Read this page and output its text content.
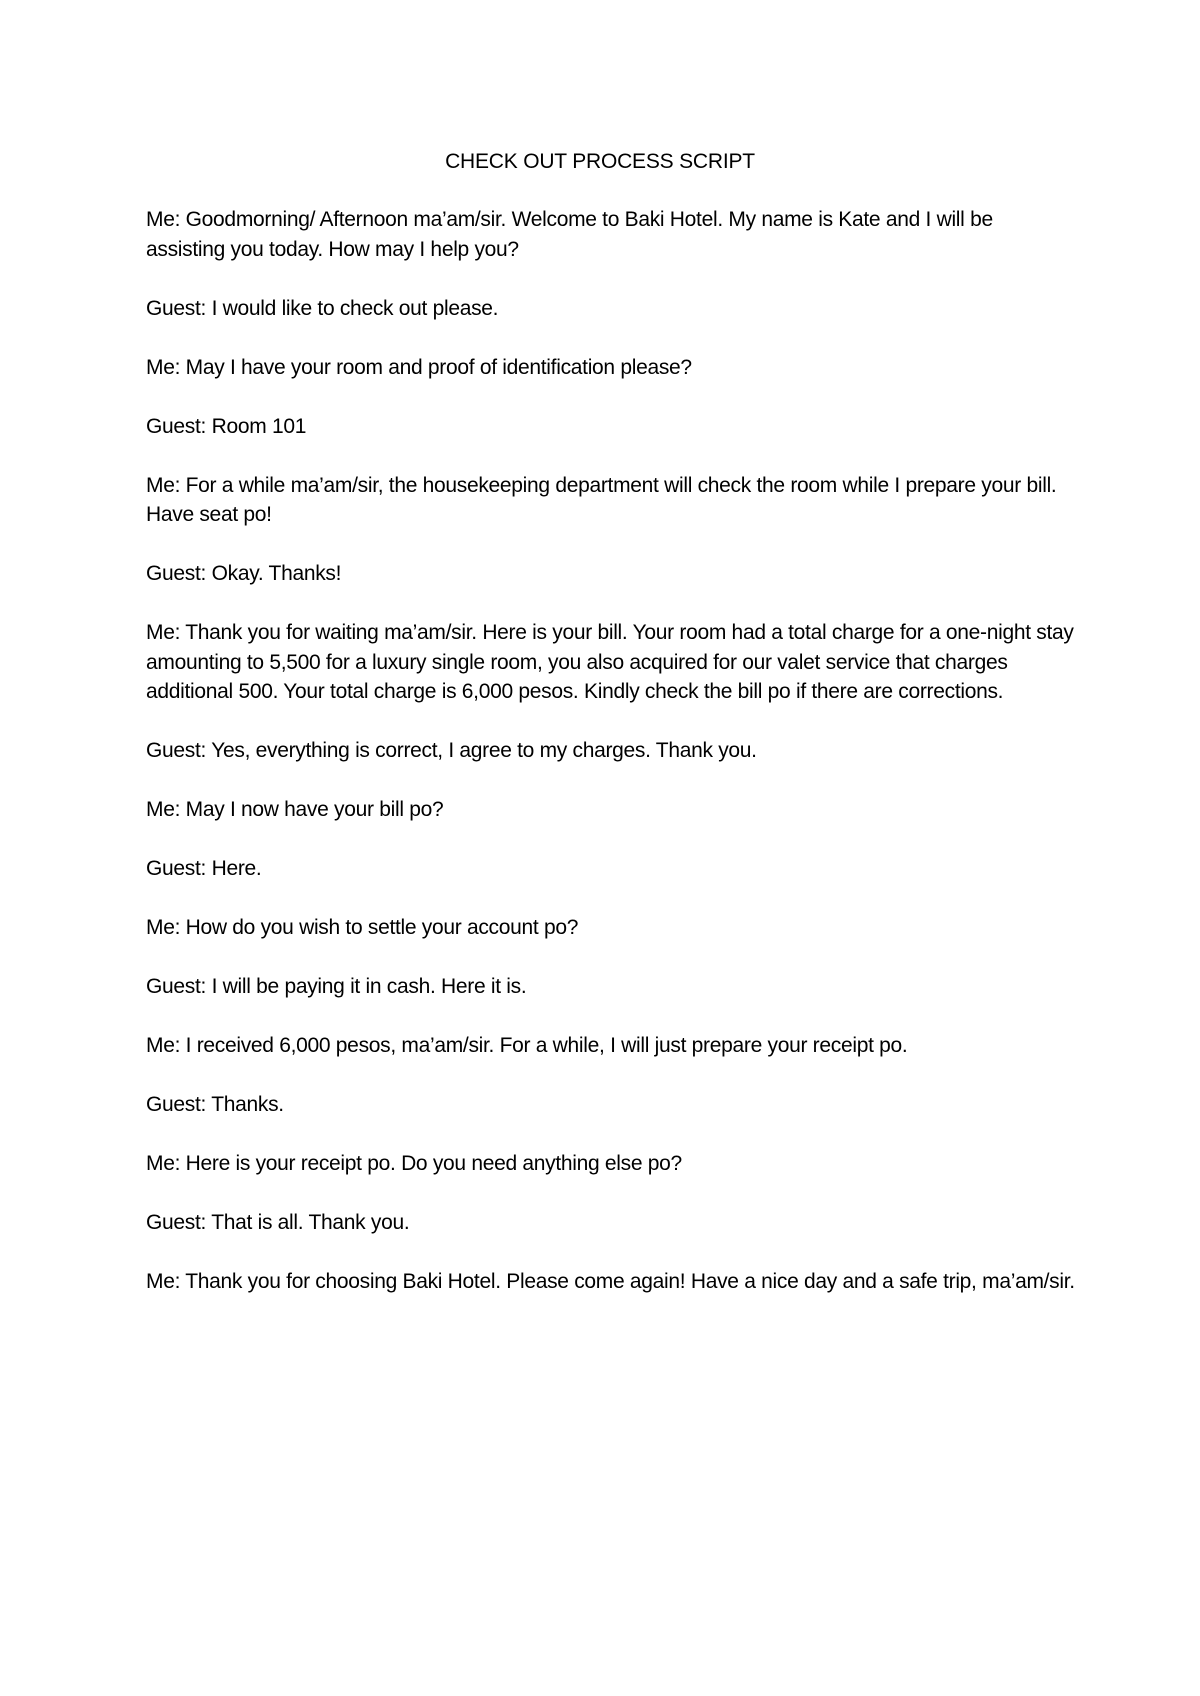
CHECK OUT PROCESS SCRIPT

Me: Goodmorning/ Afternoon ma’am/sir. Welcome to Baki Hotel. My name is Kate and I will be assisting you today. How may I help you?

Guest: I would like to check out please.

Me: May I have your room and proof of identification please?

Guest: Room 101

Me: For a while ma’am/sir, the housekeeping department will check the room while I prepare your bill. Have seat po!

Guest: Okay. Thanks!

Me: Thank you for waiting ma’am/sir. Here is your bill. Your room had a total charge for a one-night stay amounting to 5,500 for a luxury single room, you also acquired for our valet service that charges additional 500. Your total charge is 6,000 pesos. Kindly check the bill po if there are corrections.

Guest: Yes, everything is correct, I agree to my charges. Thank you.

Me: May I now have your bill po?

Guest: Here.

Me: How do you wish to settle your account po?

Guest: I will be paying it in cash. Here it is.

Me: I received 6,000 pesos, ma’am/sir. For a while, I will just prepare your receipt po.

Guest: Thanks.

Me: Here is your receipt po. Do you need anything else po?

Guest: That is all. Thank you.

Me: Thank you for choosing Baki Hotel. Please come again! Have a nice day and a safe trip, ma’am/sir.
